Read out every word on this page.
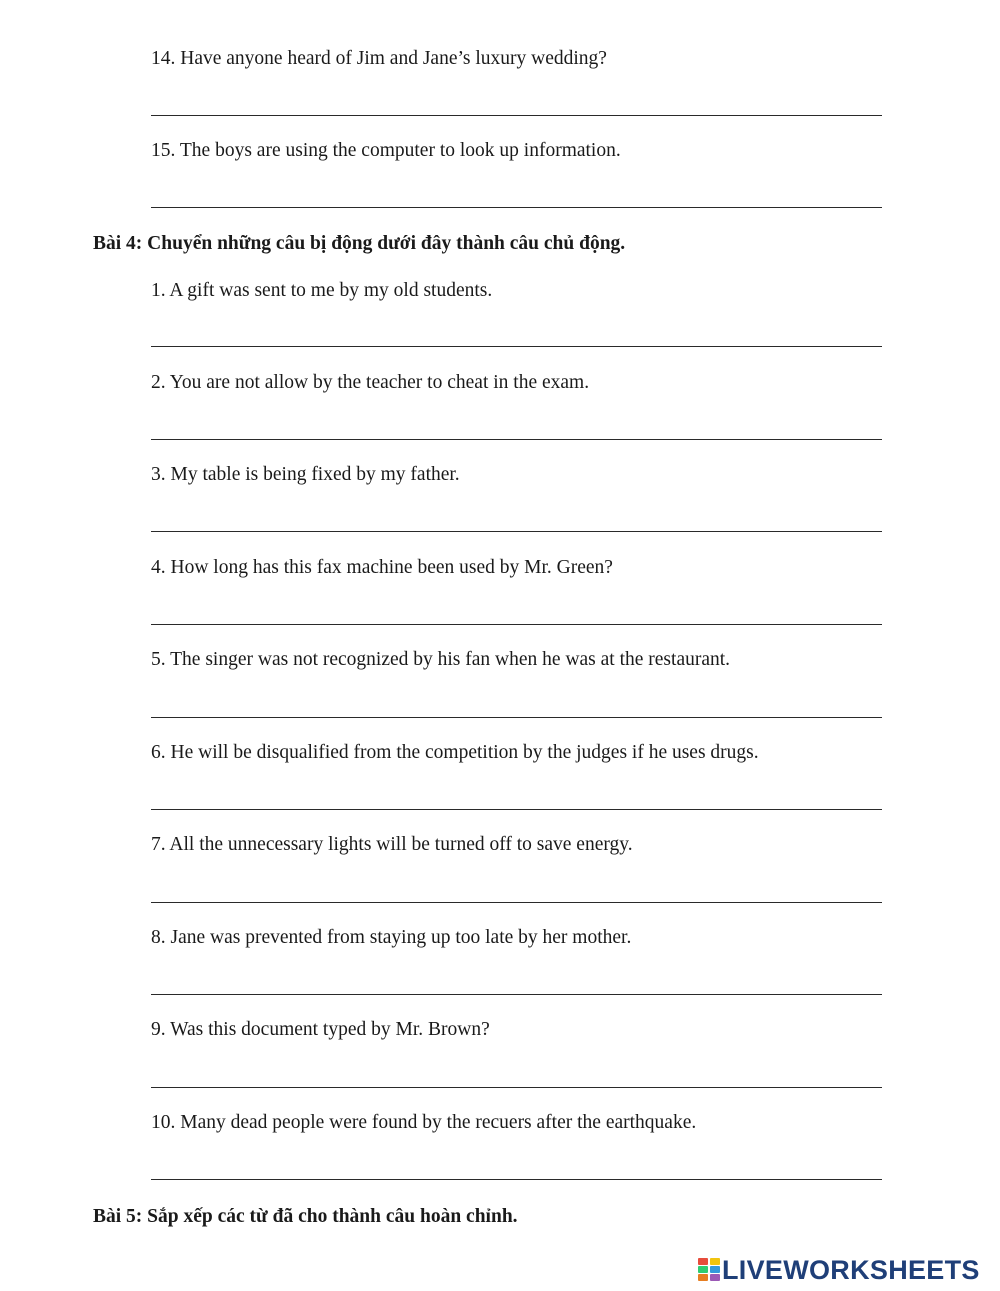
14. Have anyone heard of Jim and Jane’s luxury wedding?
15. The boys are using the computer to look up information.
Bài 4: Chuyển những câu bị động dưới đây thành câu chủ động.
1. A gift was sent to me by my old students.
2. You are not allow by the teacher to cheat in the exam.
3. My table is being fixed by my father.
4. How long has this fax machine been used by Mr. Green?
5. The singer was not recognized by his fan when he was at the restaurant.
6. He will be disqualified from the competition by the judges if he uses drugs.
7. All the unnecessary lights will be turned off to save energy.
8. Jane was prevented from staying up too late by her mother.
9. Was this document typed by Mr. Brown?
10. Many dead people were found by the recuers after the earthquake.
Bài 5: Sắp xếp các từ đã cho thành câu hoàn chỉnh.
LIVEWORKSHEETS
